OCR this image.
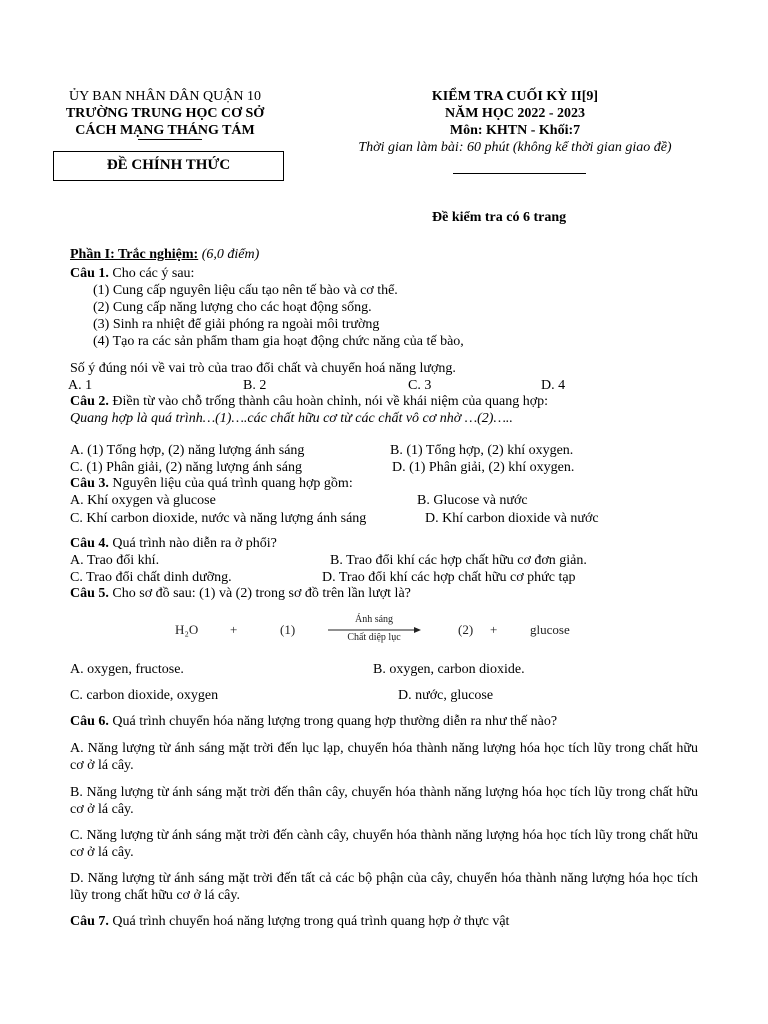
ỦY BAN NHÂN DÂN QUẬN 10
TRƯỜNG TRUNG HỌC CƠ SỞ
CÁCH MẠNG THÁNG TÁM
ĐỀ CHÍNH THỨC
KIỂM TRA CUỐI KỲ II[9]
NĂM HỌC 2022 - 2023
Môn: KHTN - Khối:7
Thời gian làm bài: 60 phút (không kể thời gian giao đề)
Đề kiểm tra có 6 trang
Phần I: Trắc nghiệm: (6,0 điểm)
Câu 1. Cho các ý sau:
(1) Cung cấp nguyên liệu cấu tạo nên tế bào và cơ thể.
(2) Cung cấp năng lượng cho các hoạt động sống.
(3) Sinh ra nhiệt để giải phóng ra ngoài môi trường
(4) Tạo ra các sản phẩm tham gia hoạt động chức năng của tế bào,
Số ý đúng nói về vai trò của trao đổi chất và chuyển hoá năng lượng.
A. 1	B. 2	C. 3	D. 4
Câu 2. Điền từ vào chỗ trống thành câu hoàn chỉnh, nói về khái niệm của quang hợp:
Quang hợp là quá trình…(1)….các chất hữu cơ từ các chất vô cơ nhờ …(2)…..
A. (1) Tổng hợp, (2) năng lượng ánh sáng	B. (1) Tổng hợp, (2) khí oxygen.
C. (1) Phân giải, (2) năng lượng ánh sáng	D. (1) Phân giải, (2) khí oxygen.
Câu 3. Nguyên liệu của quá trình quang hợp gồm:
A. Khí oxygen và glucose	B. Glucose và nước
C. Khí carbon dioxide, nước và năng lượng ánh sáng	D. Khí carbon dioxide và nước
Câu 4. Quá trình nào diễn ra ở phổi?
A. Trao đổi khí.	B. Trao đổi khí các hợp chất hữu cơ đơn giản.
C. Trao đổi chất dinh dưỡng.	D. Trao đổi khí các hợp chất hữu cơ phức tạp
Câu 5. Cho sơ đồ sau: (1) và (2) trong sơ đồ trên lần lượt là?
H₂O +	(1)
Ánh sáng
Chất diệp lục
(2) +	glucose
A. oxygen, fructose.	B. oxygen, carbon dioxide.
C. carbon dioxide, oxygen	D. nước, glucose
Câu 6. Quá trình chuyển hóa năng lượng trong quang hợp thường diễn ra như thế nào?
A. Năng lượng từ ánh sáng mặt trời đến lục lạp, chuyển hóa thành năng lượng hóa học tích lũy trong chất hữu cơ ở lá cây.
B. Năng lượng từ ánh sáng mặt trời đến thân cây, chuyển hóa thành năng lượng hóa học tích lũy trong chất hữu cơ ở lá cây.
C. Năng lượng từ ánh sáng mặt trời đến cành cây, chuyển hóa thành năng lượng hóa học tích lũy trong chất hữu cơ ở lá cây.
D. Năng lượng từ ánh sáng mặt trời đến tất cả các bộ phận của cây, chuyển hóa thành năng lượng hóa học tích lũy trong chất hữu cơ ở lá cây.
Câu 7. Quá trình chuyển hoá năng lượng trong quá trình quang hợp ở thực vật
